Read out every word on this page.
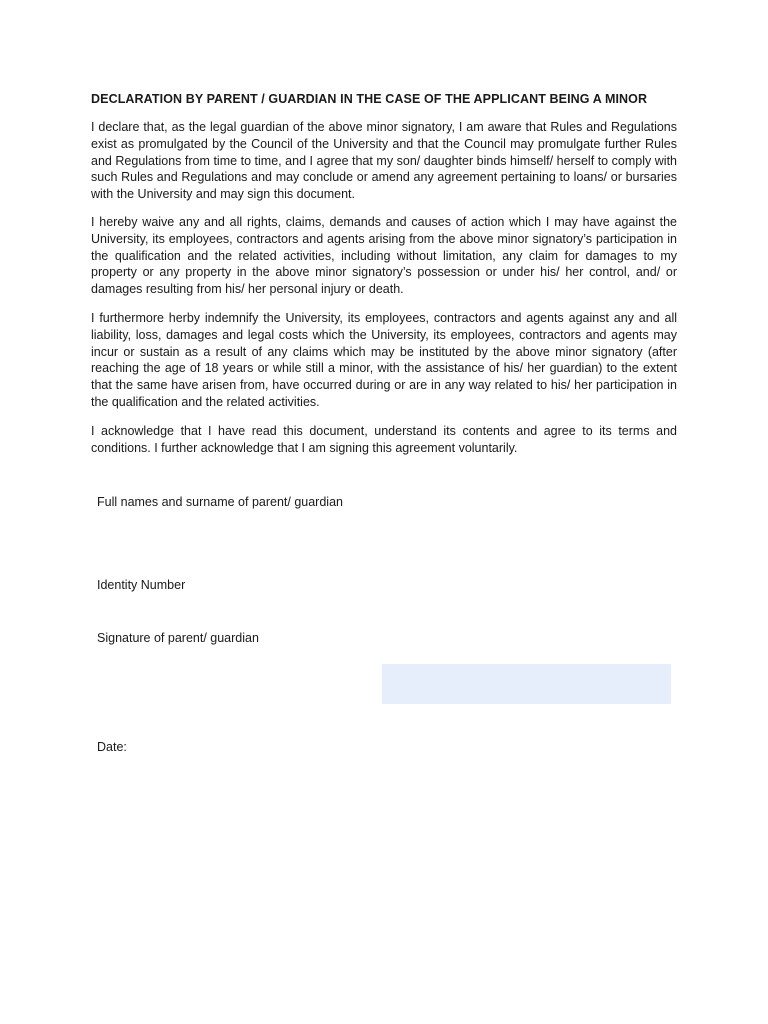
DECLARATION BY PARENT / GUARDIAN IN THE CASE OF THE APPLICANT BEING A MINOR

I declare that, as the legal guardian of the above minor signatory, I am aware that Rules and Regulations exist as promulgated by the Council of the University and that the Council may promulgate further Rules and Regulations from time to time, and I agree that my son/ daughter binds himself/ herself to comply with such Rules and Regulations and may conclude or amend any agreement pertaining to loans/ or bursaries with the University and may sign this document.

I hereby waive any and all rights, claims, demands and causes of action which I may have against the University, its employees, contractors and agents arising from the above minor signatory’s participation in the qualification and the related activities, including without limitation, any claim for damages to my property or any property in the above minor signatory’s possession or under his/ her control, and/ or damages resulting from his/ her personal injury or death.

I furthermore herby indemnify the University, its employees, contractors and agents against any and all liability, loss, damages and legal costs which the University, its employees, contractors and agents may incur or sustain as a result of any claims which may be instituted by the above minor signatory (after reaching the age of 18 years or while still a minor, with the assistance of his/ her guardian) to the extent that the same have arisen from, have occurred during or are in any way related to his/ her participation in the qualification and the related activities.

I acknowledge that I have read this document, understand its contents and agree to its terms and conditions. I further acknowledge that I am signing this agreement voluntarily.

Full names and surname of parent/ guardian
Identity Number
Signature of parent/ guardian
Date:
